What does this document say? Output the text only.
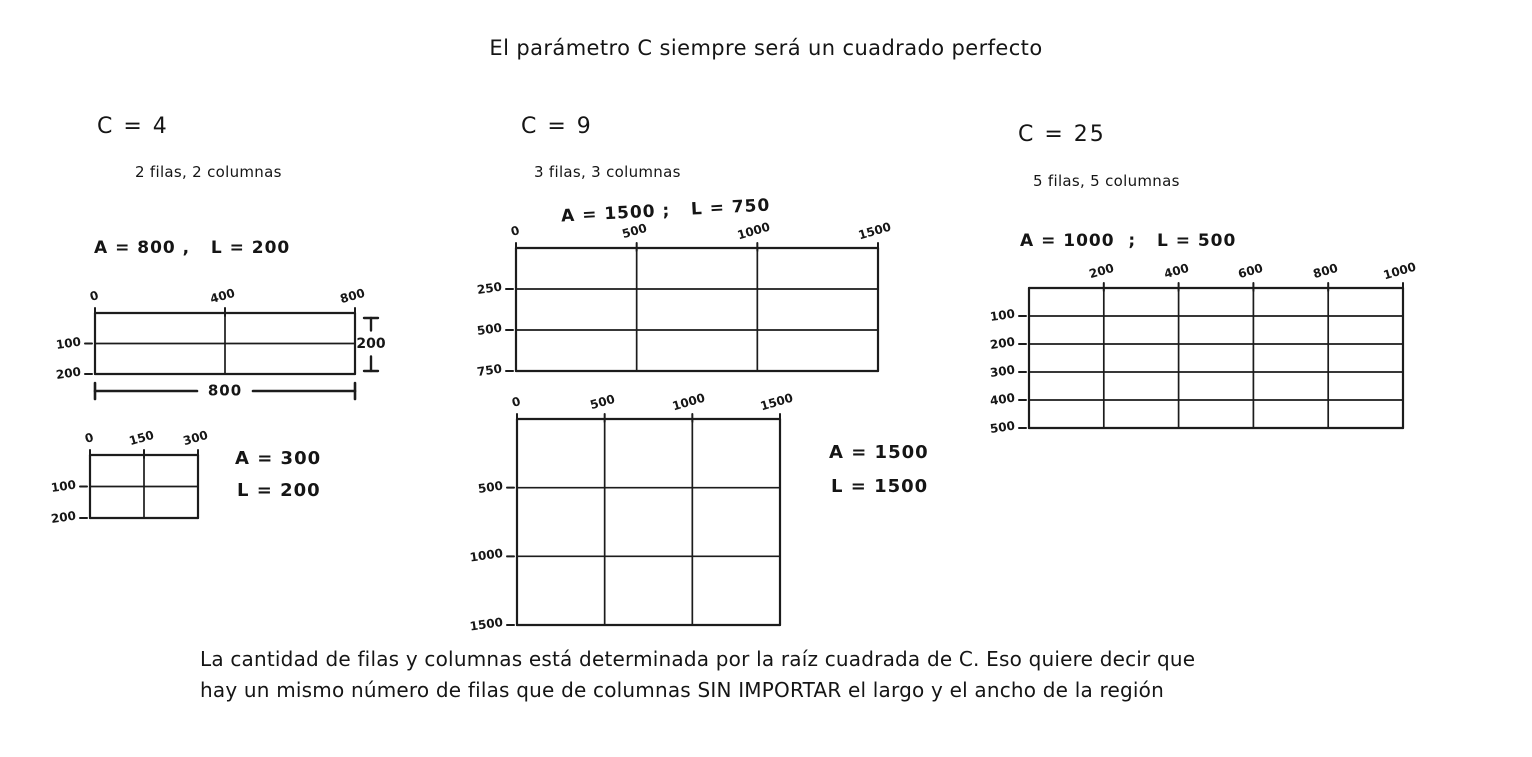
El parámetro C siempre será un cuadrado perfecto
C = 4
2 filas, 2 columnas
A = 800 ,   L = 200
0	400	800
100
200
200
800
0	150 300
100
200
A = 300
L = 200
C = 9
3 filas, 3 columnas
A = 1500 ;   L = 750
0	500	1000	1500
250
500
750
0	500	1000	1500
500
1000
1500
A = 1500
L = 1500
C = 25
5 filas, 5 columnas
A = 1000  ;   L = 500
200	400	600	800	1000
100
200
300
400
500
La cantidad de filas y columnas está determinada por la raíz cuadrada de C. Eso quiere decir que
hay un mismo número de filas que de columnas SIN IMPORTAR el largo y el ancho de la región
